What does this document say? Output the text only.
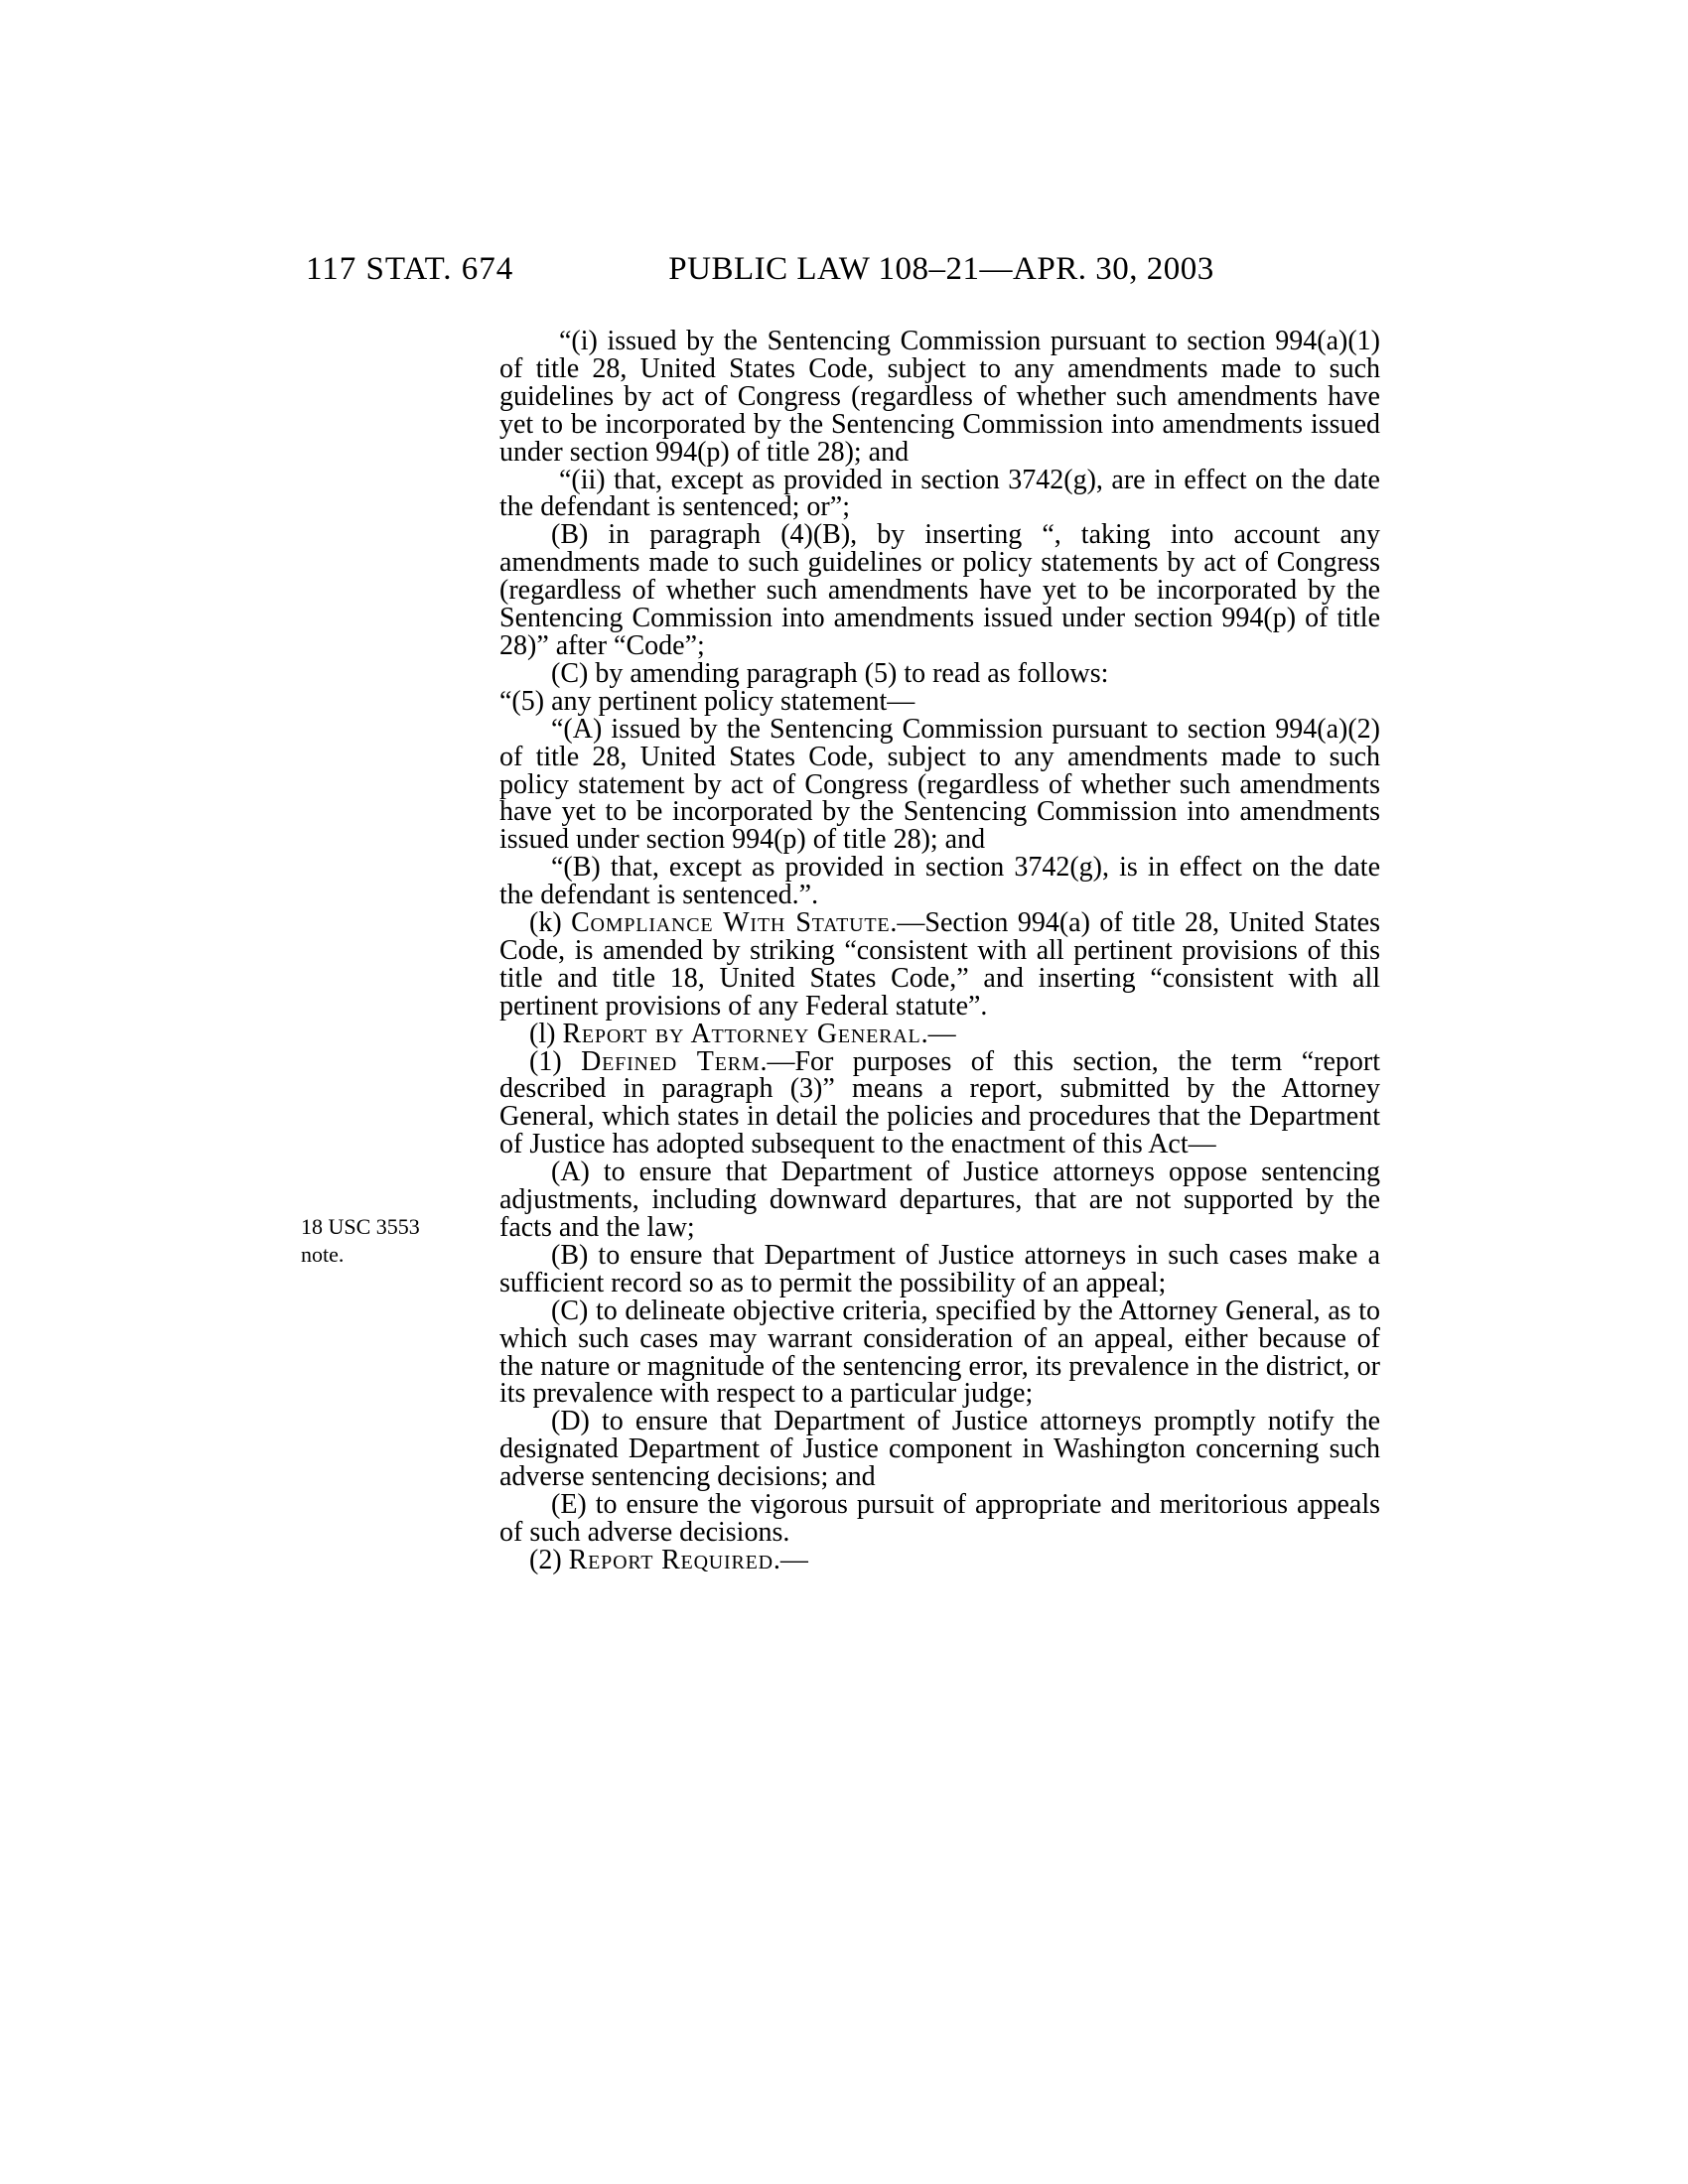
117 STAT. 674	PUBLIC LAW 108–21—APR. 30, 2003
18 USC 3553
note.

“(i) issued by the Sentencing Commission pursuant to section 994(a)(1) of title 28, United States Code, subject to any amendments made to such guidelines by act of Congress (regardless of whether such amendments have yet to be incorporated by the Sentencing Commission into amendments issued under section 994(p) of title 28); and

“(ii) that, except as provided in section 3742(g), are in effect on the date the defendant is sentenced; or”;

(B) in paragraph (4)(B), by inserting “, taking into account any amendments made to such guidelines or policy statements by act of Congress (regardless of whether such amendments have yet to be incorporated by the Sentencing Commission into amendments issued under section 994(p) of title 28)” after “Code”;

(C) by amending paragraph (5) to read as follows:

“(5) any pertinent policy statement—

“(A) issued by the Sentencing Commission pursuant to section 994(a)(2) of title 28, United States Code, subject to any amendments made to such policy statement by act of Congress (regardless of whether such amendments have yet to be incorporated by the Sentencing Commission into amendments issued under section 994(p) of title 28); and

“(B) that, except as provided in section 3742(g), is in effect on the date the defendant is sentenced.”.

(k) Compliance With Statute.—Section 994(a) of title 28, United States Code, is amended by striking “consistent with all pertinent provisions of this title and title 18, United States Code,” and inserting “consistent with all pertinent provisions of any Federal statute”.

(l) Report by Attorney General.—

(1) Defined Term.—For purposes of this section, the term “report described in paragraph (3)” means a report, submitted by the Attorney General, which states in detail the policies and procedures that the Department of Justice has adopted subsequent to the enactment of this Act—

(A) to ensure that Department of Justice attorneys oppose sentencing adjustments, including downward departures, that are not supported by the facts and the law;

(B) to ensure that Department of Justice attorneys in such cases make a sufficient record so as to permit the possibility of an appeal;

(C) to delineate objective criteria, specified by the Attorney General, as to which such cases may warrant consideration of an appeal, either because of the nature or magnitude of the sentencing error, its prevalence in the district, or its prevalence with respect to a particular judge;

(D) to ensure that Department of Justice attorneys promptly notify the designated Department of Justice component in Washington concerning such adverse sentencing decisions; and

(E) to ensure the vigorous pursuit of appropriate and meritorious appeals of such adverse decisions.

(2) Report Required.—
